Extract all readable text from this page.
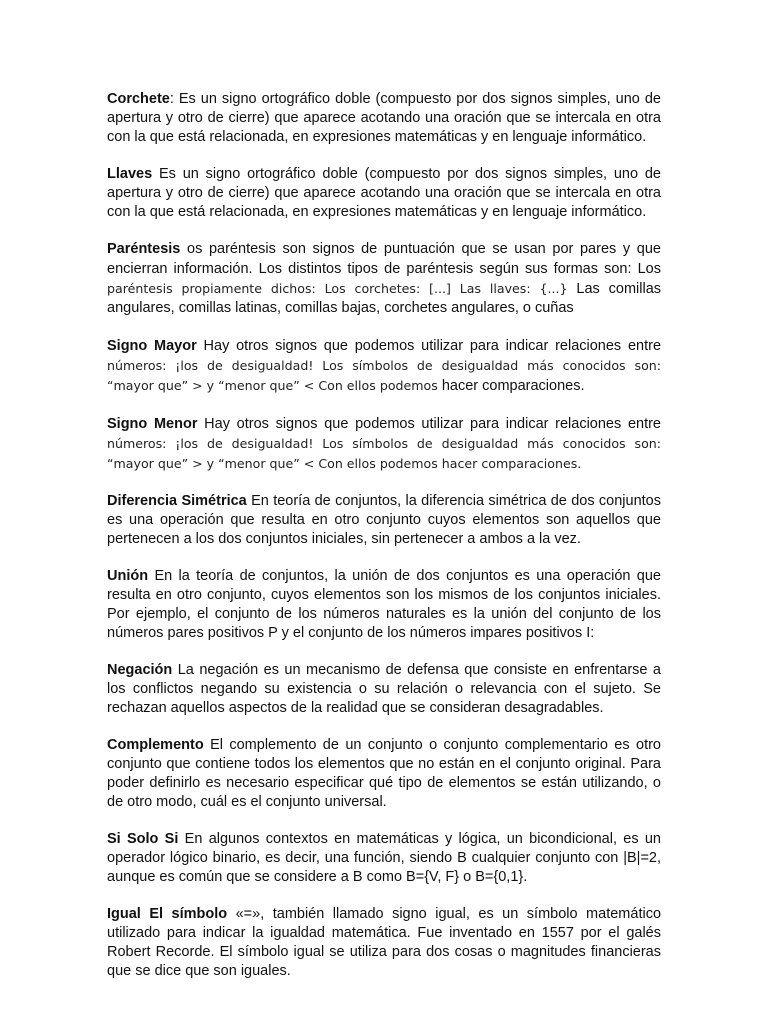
Corchete: Es un signo ortográfico doble (compuesto por dos signos simples, uno de apertura y otro de cierre) que aparece acotando una oración que se intercala en otra con la que está relacionada, en expresiones matemáticas y en lenguaje informático.

Llaves Es un signo ortográfico doble (compuesto por dos signos simples, uno de apertura y otro de cierre) que aparece acotando una oración que se intercala en otra con la que está relacionada, en expresiones matemáticas y en lenguaje informático.

Paréntesis os paréntesis son signos de puntuación que se usan por pares y que encierran información. Los distintos tipos de paréntesis según sus formas son: Los paréntesis propiamente dichos: Los corchetes: [...] Las llaves: {...} Las comillas angulares, comillas latinas, comillas bajas, corchetes angulares, o cuñas

Signo Mayor Hay otros signos que podemos utilizar para indicar relaciones entre números: ¡los de desigualdad! Los símbolos de desigualdad más conocidos son: “mayor que” > y “menor que” < Con ellos podemos hacer comparaciones.

Signo Menor Hay otros signos que podemos utilizar para indicar relaciones entre números: ¡los de desigualdad! Los símbolos de desigualdad más conocidos son: “mayor que” > y “menor que” < Con ellos podemos hacer comparaciones.

Diferencia Simétrica En teoría de conjuntos, la diferencia simétrica de dos conjuntos es una operación que resulta en otro conjunto cuyos elementos son aquellos que pertenecen a los dos conjuntos iniciales, sin pertenecer a ambos a la vez.

Unión En la teoría de conjuntos, la unión de dos conjuntos es una operación que resulta en otro conjunto, cuyos elementos son los mismos de los conjuntos iniciales. Por ejemplo, el conjunto de los números naturales es la unión del conjunto de los números pares positivos P y el conjunto de los números impares positivos I:

Negación La negación es un mecanismo de defensa que consiste en enfrentarse a los conflictos negando su existencia o su relación o relevancia con el sujeto. Se rechazan aquellos aspectos de la realidad que se consideran desagradables.

Complemento El complemento de un conjunto o conjunto complementario es otro conjunto que contiene todos los elementos que no están en el conjunto original. Para poder definirlo es necesario especificar qué tipo de elementos se están utilizando, o de otro modo, cuál es el conjunto universal.

Si Solo Si En algunos contextos en matemáticas y lógica, un bicondicional, es un operador lógico binario, es decir, una función, siendo B cualquier conjunto con |B|=2, aunque es común que se considere a B como B={V, F} o B={0,1}.

Igual El símbolo «=», también llamado signo igual, es un símbolo matemático utilizado para indicar la igualdad matemática. Fue inventado en 1557 por el galés Robert Recorde. El símbolo igual se utiliza para dos cosas o magnitudes financieras que se dice que son iguales.
